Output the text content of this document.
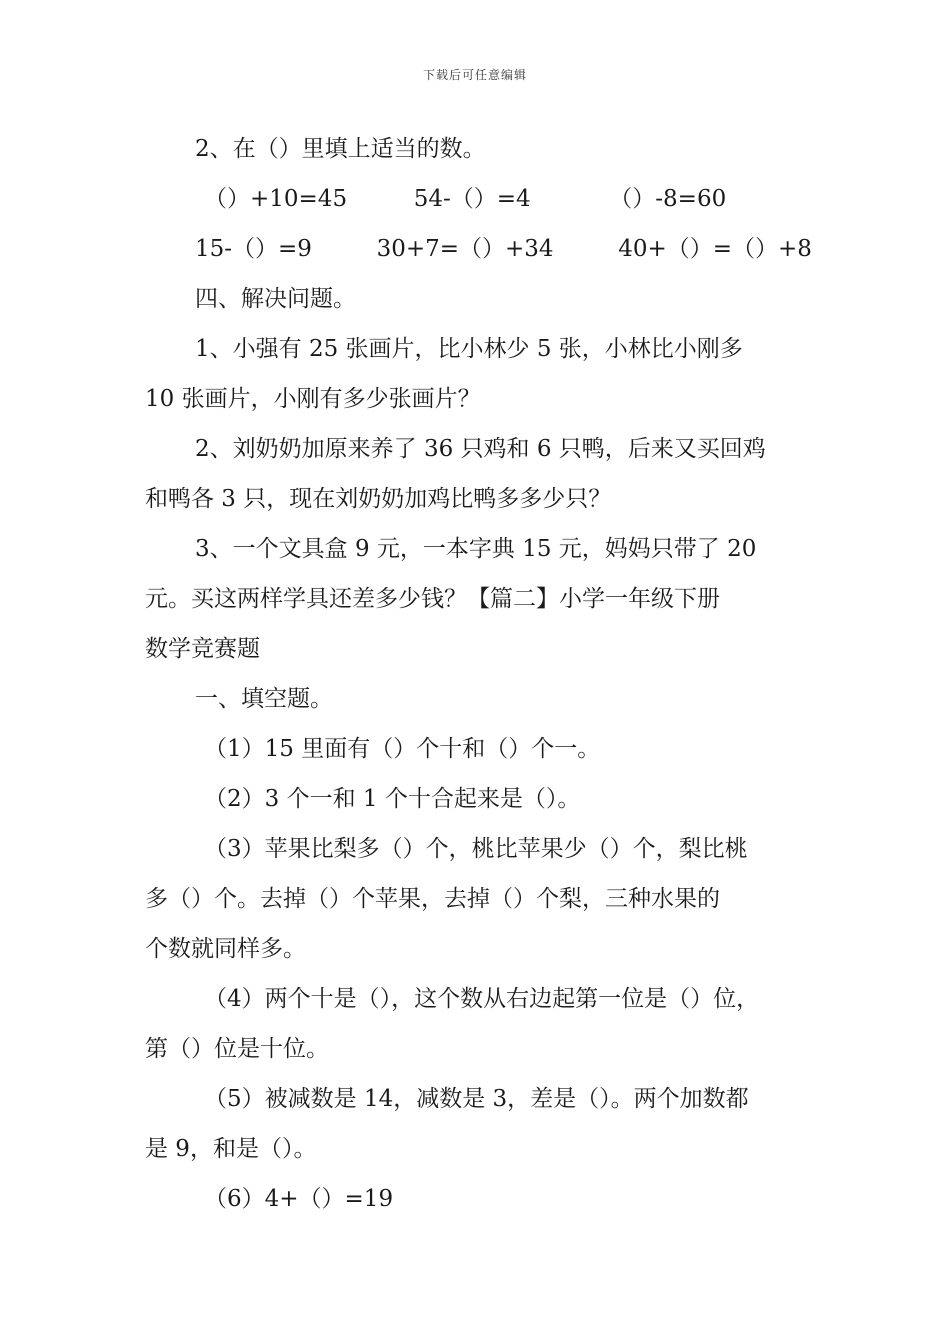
下载后可任意编辑
2、在（）里填上适当的数。
（）+10=45	54-（）=4	（）-8=60
15-（）=9	30+7=（）+34	40+（）=（）+8
四、解决问题。
1、小强有 25 张画片，比小林少 5 张，小林比小刚多
10 张画片，小刚有多少张画片？
2、刘奶奶加原来养了 36 只鸡和 6 只鸭，后来又买回鸡
和鸭各 3 只，现在刘奶奶加鸡比鸭多多少只？
3、一个文具盒 9 元，一本字典 15 元，妈妈只带了 20
元。买这两样学具还差多少钱？【篇二】小学一年级下册
数学竞赛题
一、填空题。
（1）15 里面有（）个十和（）个一。
（2）3 个一和 1 个十合起来是（）。
（3）苹果比梨多（）个，桃比苹果少（）个，梨比桃
多（）个。去掉（）个苹果，去掉（）个梨，三种水果的
个数就同样多。
（4）两个十是（），这个数从右边起第一位是（）位，
第（）位是十位。
（5）被减数是 14，减数是 3，差是（）。两个加数都
是 9，和是（）。
（6）4+（）=19
